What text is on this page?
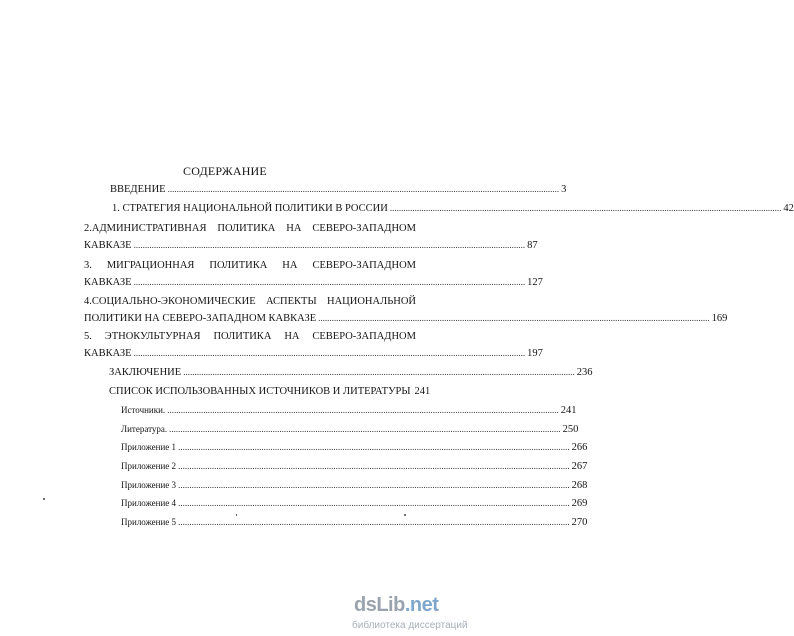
СОДЕРЖАНИЕ
ВВЕДЕНИЕ .....	3
1. СТРАТЕГИЯ НАЦИОНАЛЬНОЙ ПОЛИТИКИ В РОССИИ .....	42
2.АДМИНИСТРАТИВНАЯ ПОЛИТИКА НА СЕВЕРО-ЗАПАДНОМ
КАВКАЗЕ .....	87
3. МИГРАЦИОННАЯ ПОЛИТИКА НА СЕВЕРО-ЗАПАДНОМ
КАВКАЗЕ .....	127
4.СОЦИАЛЬНО-ЭКОНОМИЧЕСКИЕ АСПЕКТЫ НАЦИОНАЛЬНОЙ
ПОЛИТИКИ НА СЕВЕРО-ЗАПАДНОМ КАВКАЗЕ .....	169
5. ЭТНОКУЛЬТУРНАЯ ПОЛИТИКА НА СЕВЕРО-ЗАПАДНОМ
КАВКАЗЕ .....	197
ЗАКЛЮЧЕНИЕ .....	236
СПИСОК ИСПОЛЬЗОВАННЫХ ИСТОЧНИКОВ И ЛИТЕРАТУРЫ 241
Источники. .....	241
Литература. .....	250
Приложение 1 .....	266
Приложение 2 .....	267
Приложение 3 .....	268
Приложение 4 .....	269
Приложение 5 .....	270
dsLib.net
библиотека диссертаций
